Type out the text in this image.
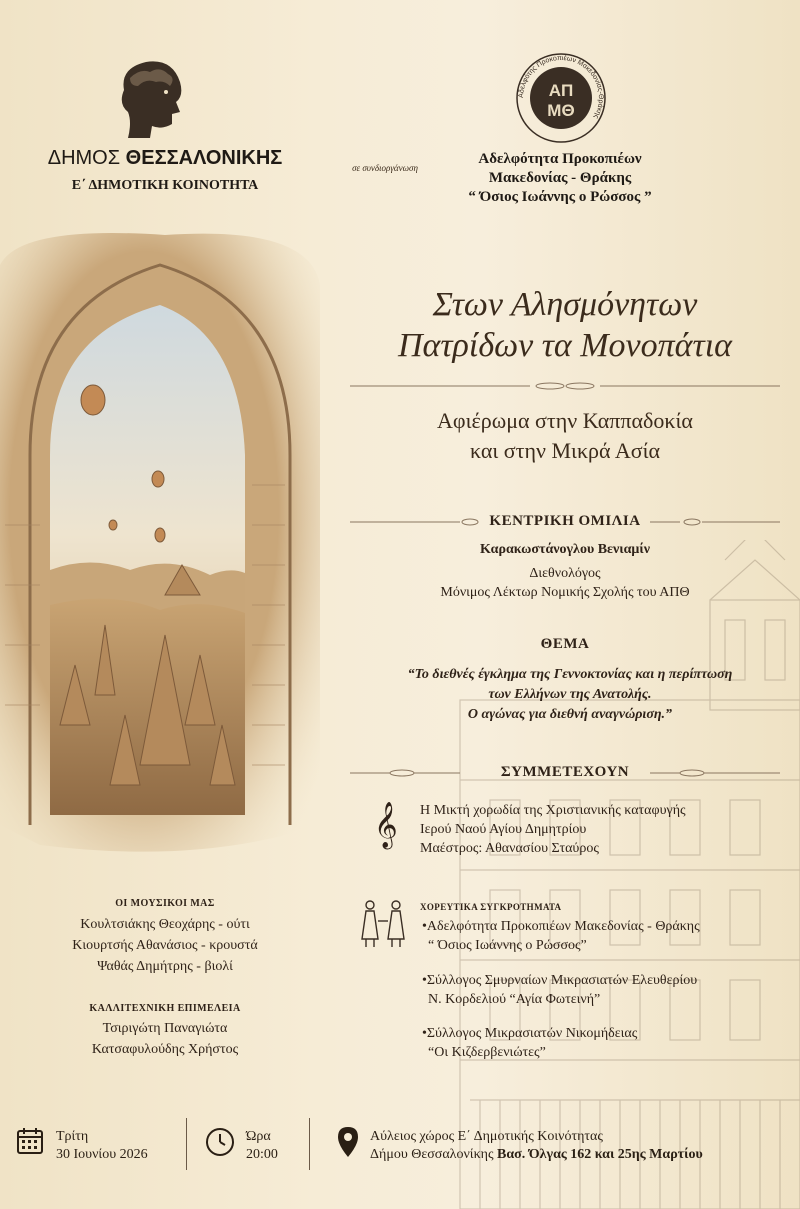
ΔΗΜΟΣ ΘΕΣΣΑΛΟΝΙΚΗΣ
Ε΄ ΔΗΜΟΤΙΚΗ ΚΟΙΝΟΤΗΤΑ
σε συνδιοργάνωση
Αδελφότης Προκοπιέων Μακεδονίας-Θράκης
ΑΠ
ΜΘ
Αδελφότητα Προκοπιέων
Μακεδονίας - Θράκης
“ Όσιος Ιωάννης ο Ρώσσος ”
Στων Αλησμόνητων
Πατρίδων τα Μονοπάτια
Αφιέρωμα στην Καππαδοκία
και στην Μικρά Ασία
ΚΕΝΤΡΙΚΗ ΟΜΙΛΙΑ
Καρακωστάνογλου Βενιαμίν
Διεθνολόγος
Μόνιμος Λέκτωρ Νομικής Σχολής του ΑΠΘ
ΘΕΜΑ
“Το διεθνές έγκλημα της Γεννοκτονίας και η περίπτωση
των Ελλήνων της Ανατολής.
Ο αγώνας για διεθνή αναγνώριση.”
ΣΥΜΜΕΤΕΧΟΥΝ
𝄞 Η Μικτή χορωδία της Χριστιανικής καταφυγής
Ιερού Ναού Αγίου Δημητρίου
Μαέστρος: Αθανασίου Σταύρος
ΧΟΡΕΥΤΙΚΑ ΣΥΓΚΡΟΤΗΜΑΤΑ
•Αδελφότητα Προκοπιέων Μακεδονίας - Θράκης
“ Όσιος Ιωάννης ο Ρώσσος”
•Σύλλογος Σμυρναίων Μικρασιατών Ελευθερίου
Ν. Κορδελιού “Αγία Φωτεινή”
•Σύλλογος Μικρασιατών Νικομήδειας
“Οι Κιζδερβενιώτες”
ΟΙ ΜΟΥΣΙΚΟΙ ΜΑΣ
Κουλτσιάκης Θεοχάρης - ούτι
Κιουρτσής Αθανάσιος - κρουστά
Ψαθάς Δημήτρης - βιολί
ΚΑΛΛΙΤΕΧΝΙΚΗ ΕΠΙΜΕΛΕΙΑ
Τσιριγώτη Παναγιώτα
Κατσαφυλούδης Χρήστος
Τρίτη
30 Ιουνίου 2026
Ώρα
20:00
Αύλειος χώρος Ε΄ Δημοτικής Κοινότητας
Δήμου Θεσσαλονίκης Βασ. Όλγας 162 και 25ης Μαρτίου
